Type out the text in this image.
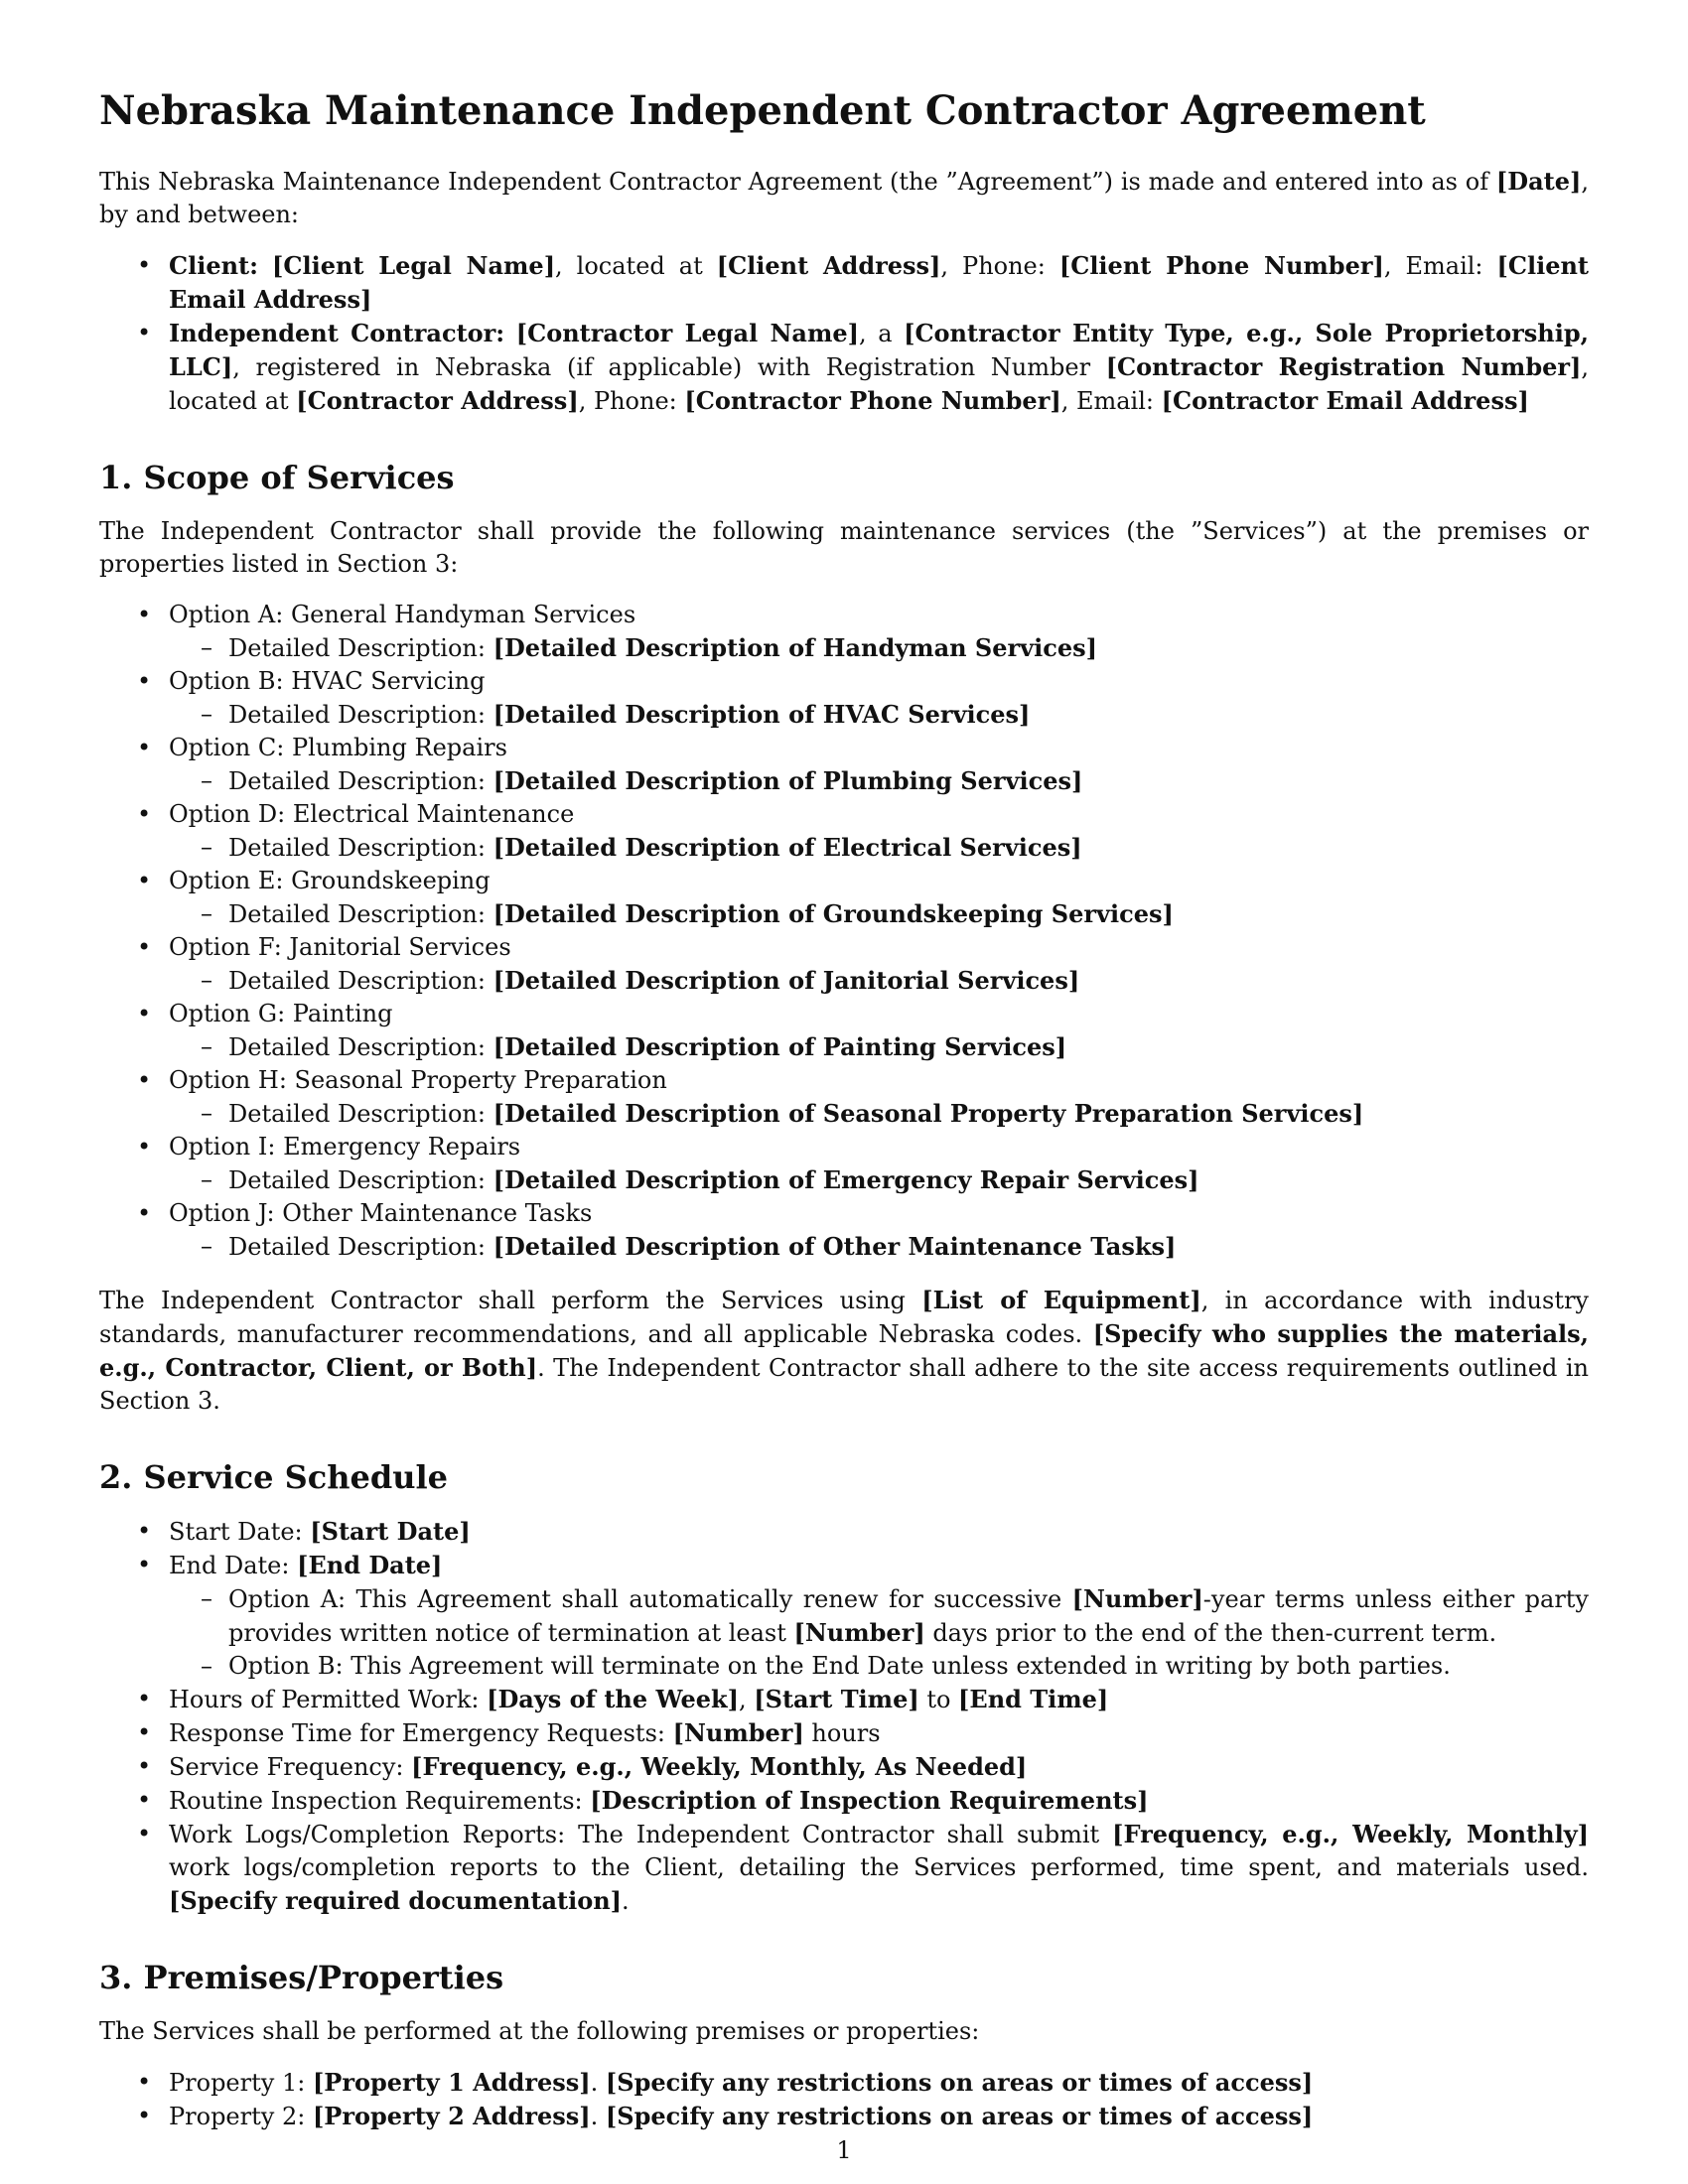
Nebraska Maintenance Independent Contractor Agreement

This Nebraska Maintenance Independent Contractor Agreement (the ”Agreement”) is made and entered into as of [Date], by and between:

• Client: [Client Legal Name], located at [Client Address], Phone: [Client Phone Number], Email: [Client Email Address]
• Independent Contractor: [Contractor Legal Name], a [Contractor Entity Type, e.g., Sole Proprietorship, LLC], registered in Nebraska (if applicable) with Registration Number [Contractor Registration Number], located at [Contractor Address], Phone: [Contractor Phone Number], Email: [Contractor Email Address]
1. Scope of Services

The Independent Contractor shall provide the following maintenance services (the ”Services”) at the premises or properties listed in Section 3:

• Option A: General Handyman Services
– Detailed Description: [Detailed Description of Handyman Services]
• Option B: HVAC Servicing
– Detailed Description: [Detailed Description of HVAC Services]
• Option C: Plumbing Repairs
– Detailed Description: [Detailed Description of Plumbing Services]
• Option D: Electrical Maintenance
– Detailed Description: [Detailed Description of Electrical Services]
• Option E: Groundskeeping
– Detailed Description: [Detailed Description of Groundskeeping Services]
• Option F: Janitorial Services
– Detailed Description: [Detailed Description of Janitorial Services]
• Option G: Painting
– Detailed Description: [Detailed Description of Painting Services]
• Option H: Seasonal Property Preparation
– Detailed Description: [Detailed Description of Seasonal Property Preparation Services]
• Option I: Emergency Repairs
– Detailed Description: [Detailed Description of Emergency Repair Services]
• Option J: Other Maintenance Tasks
– Detailed Description: [Detailed Description of Other Maintenance Tasks]

The Independent Contractor shall perform the Services using [List of Equipment], in accordance with industry standards, manufacturer recommendations, and all applicable Nebraska codes. [Specify who supplies the materials, e.g., Contractor, Client, or Both]. The Independent Contractor shall adhere to the site access requirements outlined in Section 3.

2. Service Schedule
• Start Date: [Start Date]
• End Date: [End Date]
– Option A: This Agreement shall automatically renew for successive [Number]-year terms unless either party provides written notice of termination at least [Number] days prior to the end of the then-current term.
– Option B: This Agreement will terminate on the End Date unless extended in writing by both parties.
• Hours of Permitted Work: [Days of the Week], [Start Time] to [End Time]
• Response Time for Emergency Requests: [Number] hours
• Service Frequency: [Frequency, e.g., Weekly, Monthly, As Needed]
• Routine Inspection Requirements: [Description of Inspection Requirements]
• Work Logs/Completion Reports: The Independent Contractor shall submit [Frequency, e.g., Weekly, Monthly] work logs/completion reports to the Client, detailing the Services performed, time spent, and materials used. [Specify required documentation].
3. Premises/Properties

The Services shall be performed at the following premises or properties:

• Property 1: [Property 1 Address]. [Specify any restrictions on areas or times of access]
• Property 2: [Property 2 Address]. [Specify any restrictions on areas or times of access]
1
